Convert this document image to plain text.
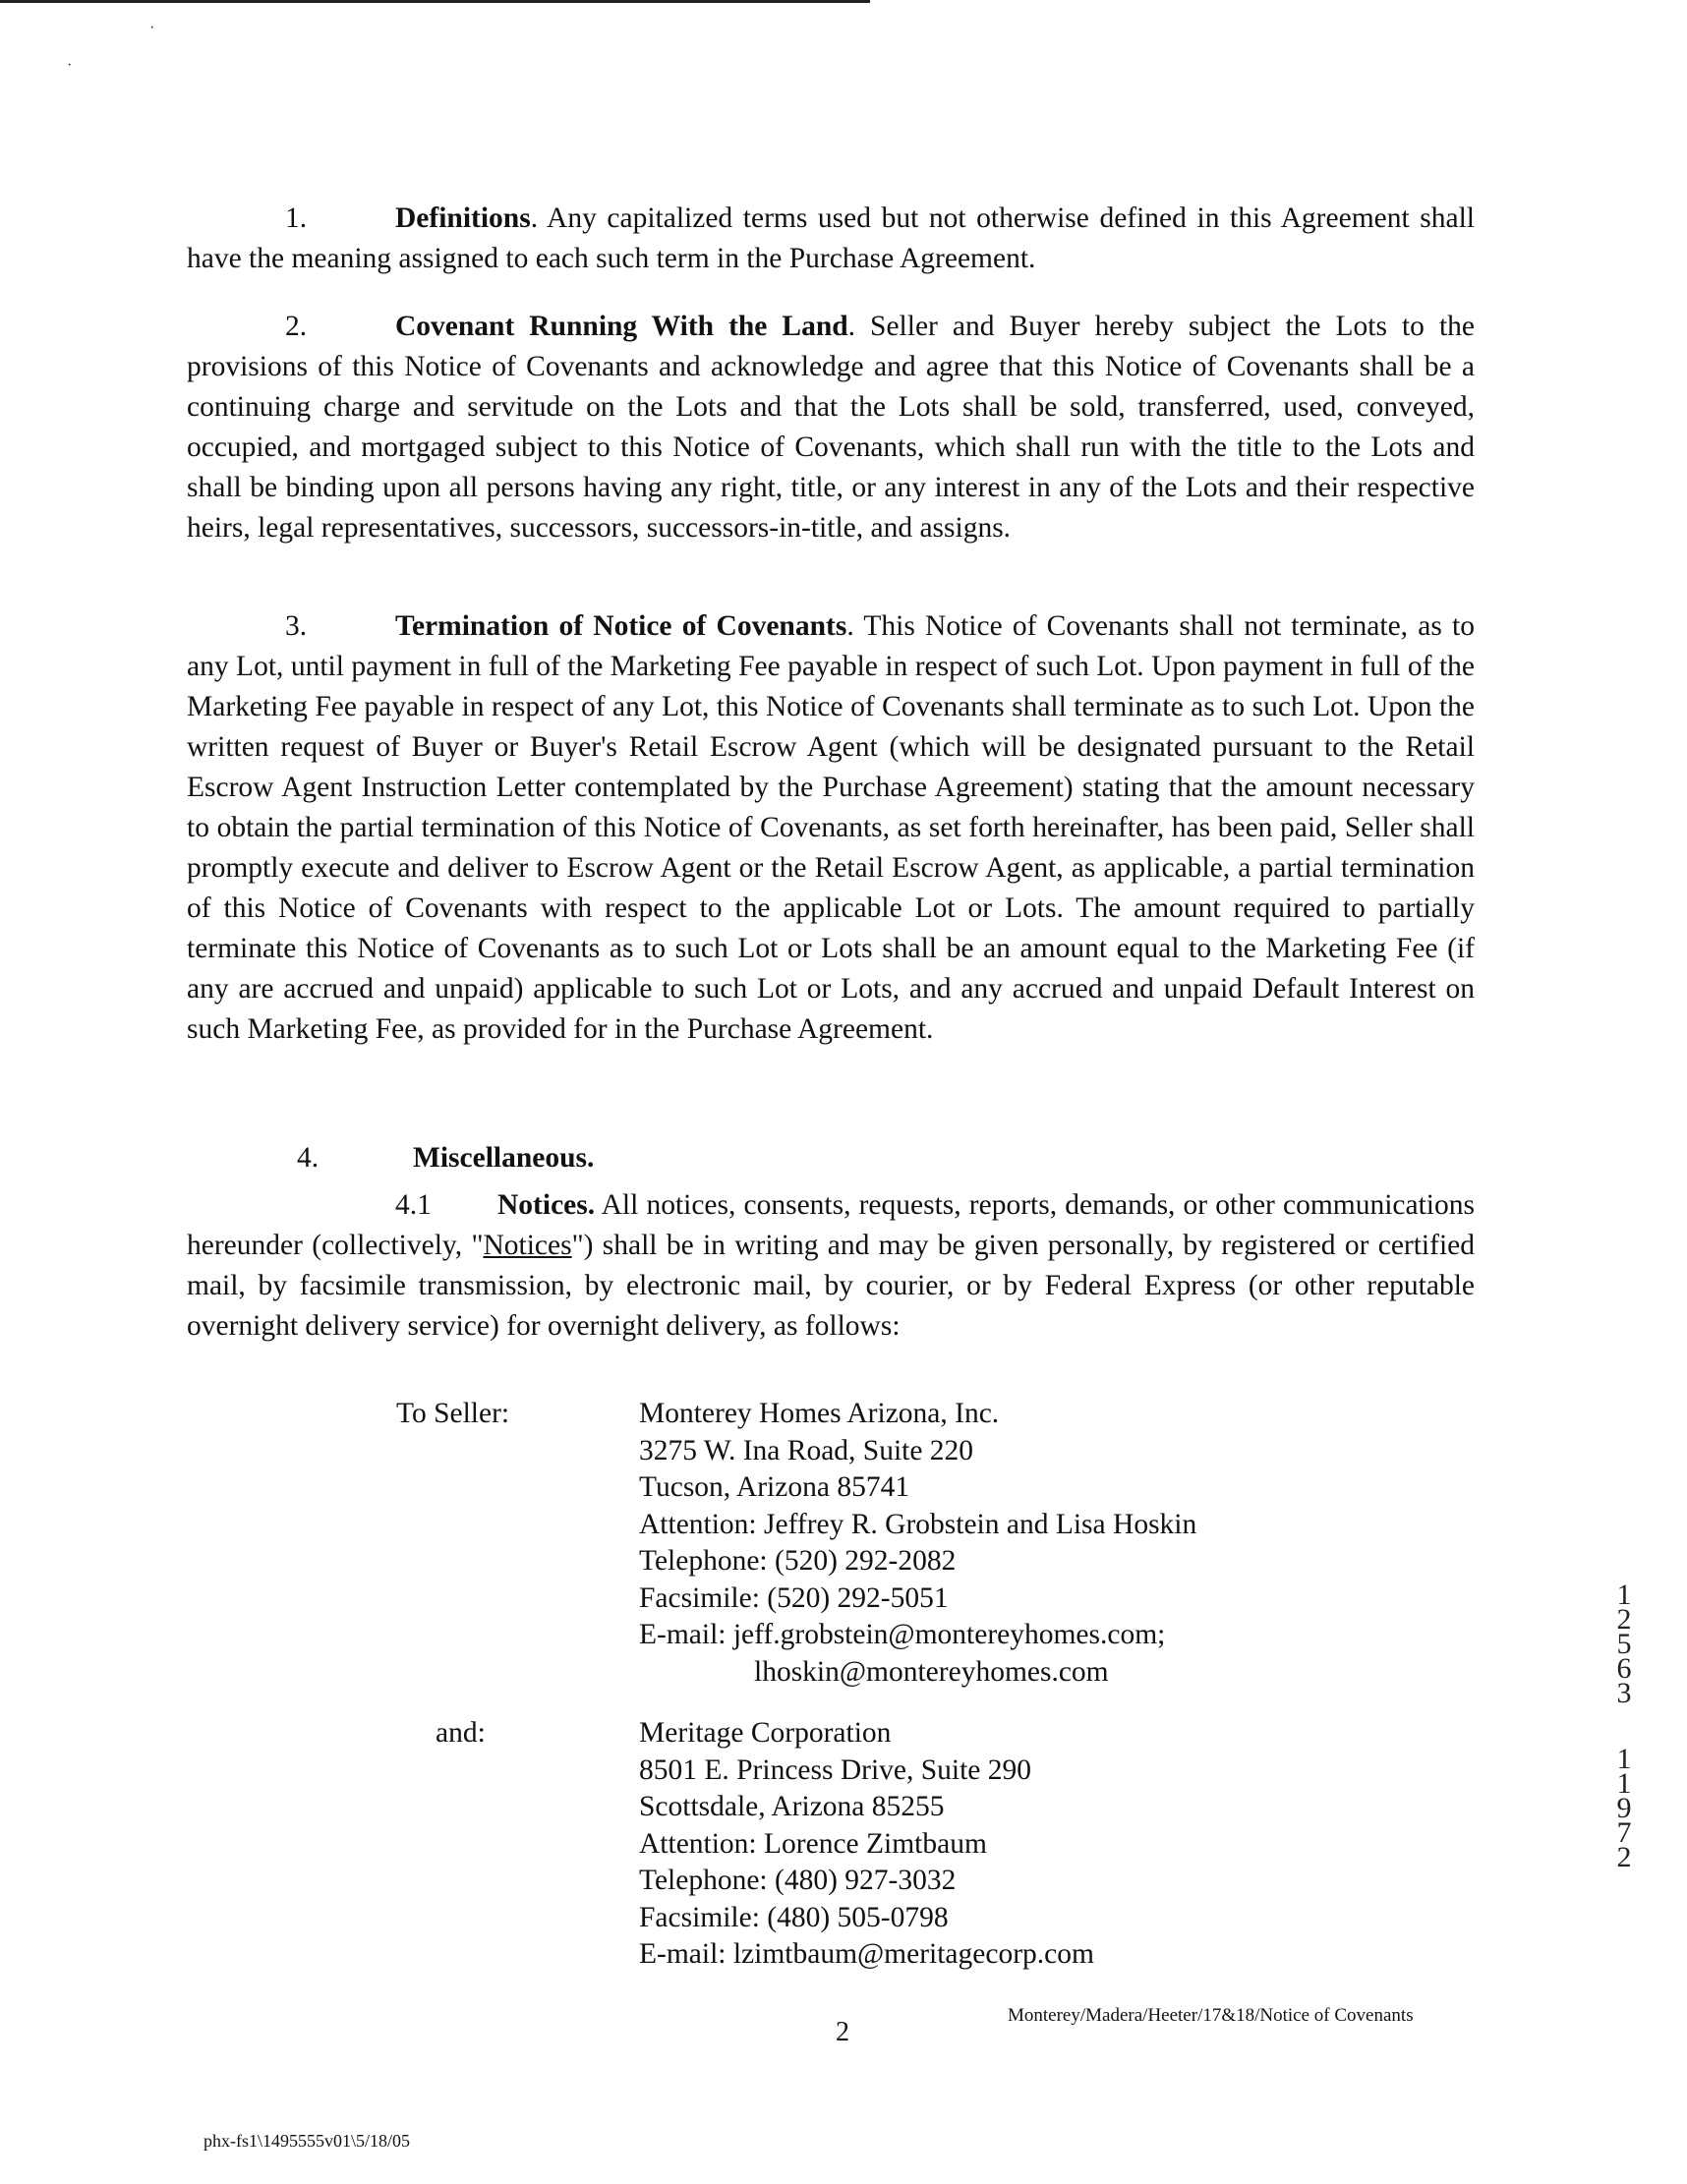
·
·

1.	Definitions. Any capitalized terms used but not otherwise defined in this Agreement shall have the meaning assigned to each such term in the Purchase Agreement.

2.	Covenant Running With the Land. Seller and Buyer hereby subject the Lots to the provisions of this Notice of Covenants and acknowledge and agree that this Notice of Covenants shall be a continuing charge and servitude on the Lots and that the Lots shall be sold, transferred, used, conveyed, occupied, and mortgaged subject to this Notice of Covenants, which shall run with the title to the Lots and shall be binding upon all persons having any right, title, or any interest in any of the Lots and their respective heirs, legal representatives, successors, successors-in-title, and assigns.

3.	Termination of Notice of Covenants. This Notice of Covenants shall not terminate, as to any Lot, until payment in full of the Marketing Fee payable in respect of such Lot. Upon payment in full of the Marketing Fee payable in respect of any Lot, this Notice of Covenants shall terminate as to such Lot. Upon the written request of Buyer or Buyer's Retail Escrow Agent (which will be designated pursuant to the Retail Escrow Agent Instruction Letter contemplated by the Purchase Agreement) stating that the amount necessary to obtain the partial termination of this Notice of Covenants, as set forth hereinafter, has been paid, Seller shall promptly execute and deliver to Escrow Agent or the Retail Escrow Agent, as applicable, a partial termination of this Notice of Covenants with respect to the applicable Lot or Lots. The amount required to partially terminate this Notice of Covenants as to such Lot or Lots shall be an amount equal to the Marketing Fee (if any are accrued and unpaid) applicable to such Lot or Lots, and any accrued and unpaid Default Interest on such Marketing Fee, as provided for in the Purchase Agreement.

4.	Miscellaneous.

4.1 Notices. All notices, consents, requests, reports, demands, or other communications hereunder (collectively, "Notices") shall be in writing and may be given personally, by registered or certified mail, by facsimile transmission, by electronic mail, by courier, or by Federal Express (or other reputable overnight delivery service) for overnight delivery, as follows:

To Seller:	Monterey Homes Arizona, Inc.
3275 W. Ina Road, Suite 220
Tucson, Arizona 85741
Attention: Jeffrey R. Grobstein and Lisa Hoskin
Telephone: (520) 292-2082
Facsimile: (520) 292-5051
E-mail: jeff.grobstein@montereyhomes.com;
lhoskin@montereyhomes.com
and:	Meritage Corporation
8501 E. Princess Drive, Suite 290
Scottsdale, Arizona 85255
Attention: Lorence Zimtbaum
Telephone: (480) 927-3032
Facsimile: (480) 505-0798
E-mail: lzimtbaum@meritagecorp.com
1
2
5
6
3
1
1
9
7
2
2
Monterey/Madera/Heeter/17&18/Notice of Covenants
phx-fs1\1495555v01\5/18/05
